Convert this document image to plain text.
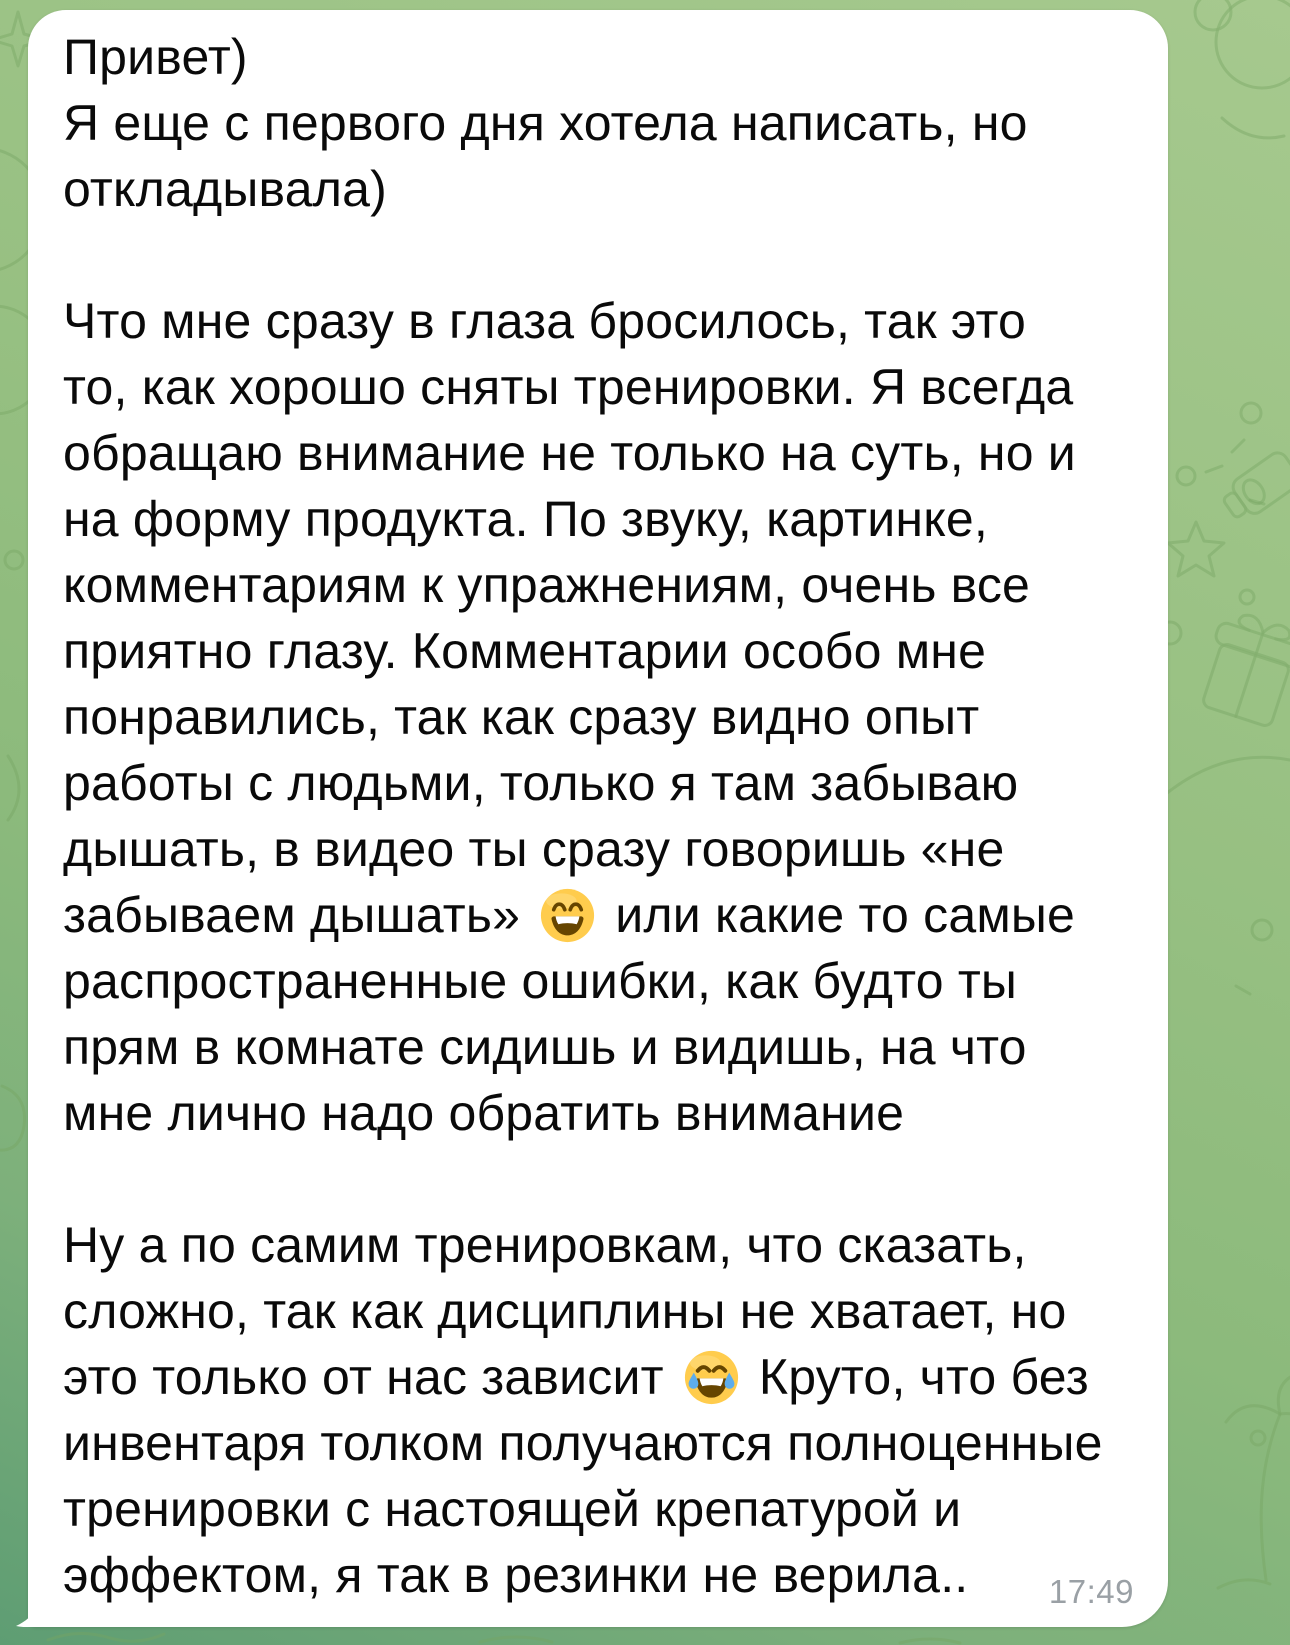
Привет)
Я еще с первого дня хотела написать, но
откладывала)
Что мне сразу в глаза бросилось, так это
то, как хорошо сняты тренировки. Я всегда
обращаю внимание не только на суть, но и
на форму продукта. По звуку, картинке,
комментариям к упражнениям, очень все
приятно глазу. Комментарии особо мне
понравились, так как сразу видно опыт
работы с людьми, только я там забываю
дышать, в видео ты сразу говоришь «не
забываем дышать»
или какие то самые
распространенные ошибки, как будто ты
прям в комнате сидишь и видишь, на что
мне лично надо обратить внимание
Ну а по самим тренировкам, что сказать,
сложно, так как дисциплины не хватает, но
это только от нас зависит
Круто, что без
инвентаря толком получаются полноценные
тренировки с настоящей крепатурой и
эффектом, я так в резинки не верила..	17:49
